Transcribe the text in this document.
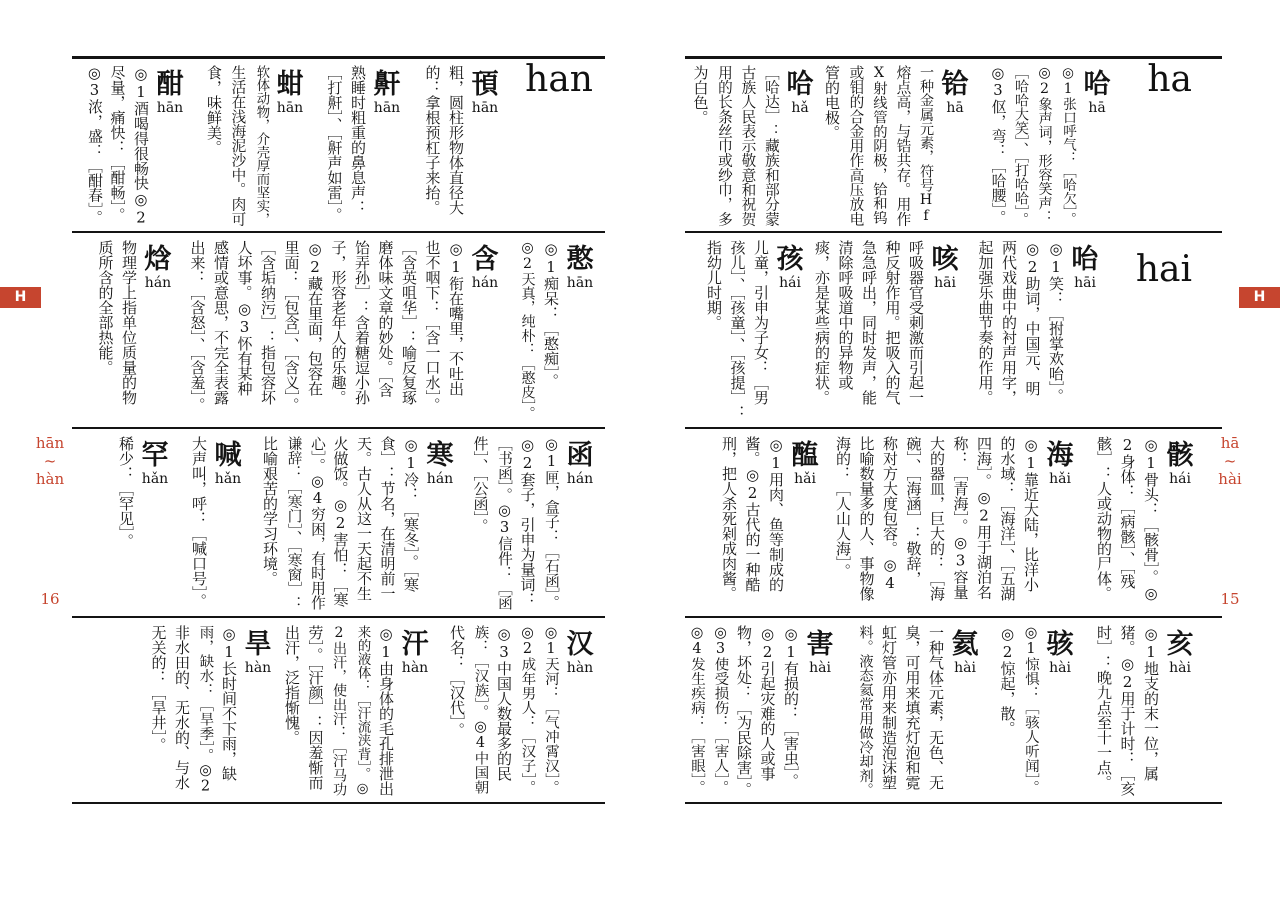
H
hān
~
hàn
16
han
頇
hān
粗，圆柱形物体直径大
的：拿根预杠子来抬。
鼾
hān
熟睡时粗重的鼻息声：
［打鼾］、［鼾声如雷］。
蚶
hān
软体动物，介壳厚而坚实，
生活在浅海泥沙中。肉可
食，味鲜美。
酣
hān
◎1酒喝得很畅快◎2
尽量，痛快：［酣畅］。
◎3浓，盛：［酣春］。
憨
hān
◎1痴呆：［憨痴］。
◎2天真，纯朴：［憨皮］。
含
hán
◎1衔在嘴里，不吐出
也不咽下：［含一口水］。
［含英咀华］：喻反复琢
磨体味文章的妙处。［含
饴弄孙］：含着糖逗小孙
子，形容老年人的乐趣。
◎2藏在里面，包容在
里面：［包含］、［含义］。
［含垢纳污］：指包容坏
人坏事。◎3怀有某种
感情或意思，不完全表露
出来：［含怒］、［含羞］。
焓
hán
物理学上指单位质量的物
质所含的全部热能。
函
hán
◎1匣，盒子：［石函］。
◎2套子，引申为量词：
［书函］。◎3信件：［函
件］、［公函］。
寒
hán
◎1冷：［寒冬］。［寒
食］：节名，在清明前一
天。古人从这一天起不生
火做饭。◎2害怕：［寒
心］。◎4穷困，有时用作
谦辞：［寒门］、［寒窗］：
比喻艰苦的学习环境。
喊
hǎn
大声叫，呼：［喊口号］。
罕
hǎn
稀少：［罕见］。
汉
hàn
◎1天河：［气冲霄汉］。
◎2成年男人：［汉子］。
◎3中国人数最多的民
族：［汉族］。◎4中国朝
代名：［汉代］。
汗
hàn
◎1由身体的毛孔排泄出
来的液体：［汗流浃背］。◎
2出汗，使出汗：［汗马功
劳］。［汗颜］：因羞惭而
出汗，泛指惭愧。
旱
hàn
◎1长时间不下雨，缺
雨，缺水：［旱季］。◎2
非水田的、无水的、与水
无关的：［旱井］。
H
hā
~
hài
15
ha
哈
hā
◎1张口呼气：［哈欠］。
◎2象声词，形容笑声：
［哈哈大笑］、［打哈哈］。
◎3伛，弯：［哈腰］。
铪
hā
一种金属元素，符号Hf
熔点高，与锆共存。用作
X射线管的阴极，铪和钨
或钼的合金用作高压放电
管的电极。
哈
hǎ
［哈达］：藏族和部分蒙
古族人民表示敬意和祝贺
用的长条丝巾或纱巾，多
为白色。
hai
咍
hāi
◎1笑：［拊掌欢咍］。
◎2助词，中国元、明
两代戏曲中的衬声用字，
起加强乐曲节奏的作用。
咳
hāi
呼吸器官受刺激而引起一
种反射作用。把吸入的气
急急呼出，同时发声，能
清除呼吸道中的异物或
痰，亦是某些病的症状。
孩
hái
儿童，引申为子女：［男
孩儿］、［孩童］、［孩提］：
指幼儿时期。
骸
hái
◎1骨头：［骸骨］。◎
2身体：［病骸］、［残
骸］：人或动物的尸体。
海
hǎi
◎1靠近大陆，比洋小
的水域：［海洋］、［五湖
四海］。◎2用于湖泊名
称：［青海］。◎3容量
大的器皿，巨大的：［海
碗］、［海涵］：敬辞，
称对方大度包容。◎4
比喻数量多的人、事物像
海的：［人山人海］。
醢
hǎi
◎1用肉、鱼等制成的
酱。◎2古代的一种酷
刑，把人杀死剁成肉酱。
亥
hài
◎1地支的末一位，属
猪。◎2用于计时：［亥
时］：晚九点至十一点。
骇
hài
◎1惊惧：［骇人听闻］。
◎2惊起，散。
氦
hài
一种气体元素，无色、无
臭，可用来填充灯泡和霓
虹灯管亦用来制造泡沫塑
料。液态氦常用做冷却剂。
害
hài
◎1有损的：［害虫］。
◎2引起灾难的人或事
物，坏处：［为民除害］。
◎3使受损伤：［害人］。
◎4发生疾病：［害眼］。
